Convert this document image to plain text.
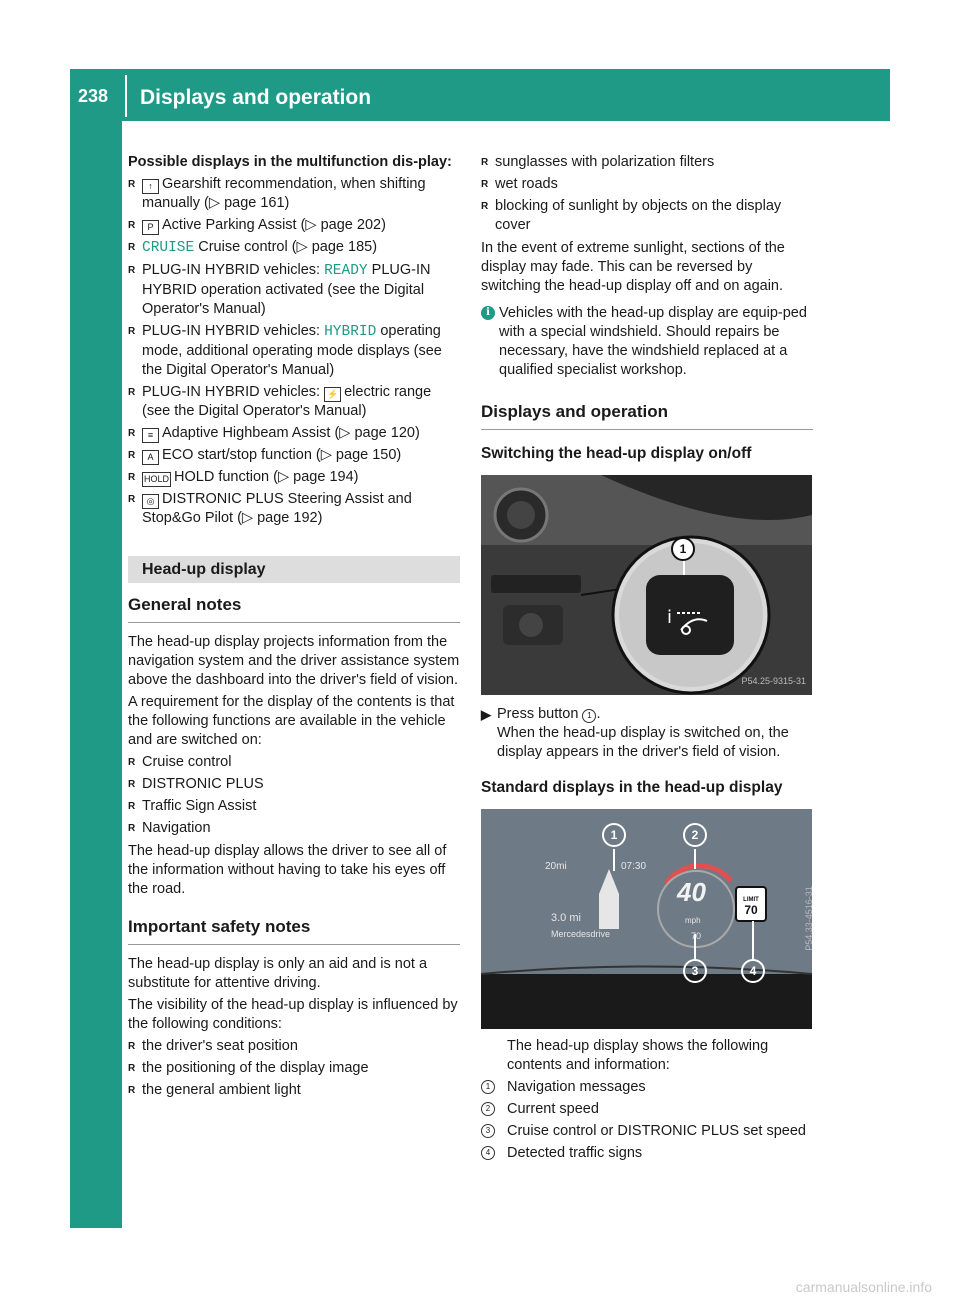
238 Displays and operation
On-board computer and displays
carmanualsonline.info

Possible displays in the multifunction dis-play:

R ↑ Gearshift recommendation, when shifting manually (▷ page 161)
R P Active Parking Assist (▷ page 202)
R CRUISE Cruise control (▷ page 185)
R PLUG-IN HYBRID vehicles: READY PLUG-IN HYBRID operation activated (see the Digital Operator's Manual)
R PLUG-IN HYBRID vehicles: HYBRID operating mode, additional operating mode displays (see the Digital Operator's Manual)
R PLUG-IN HYBRID vehicles: ⚡ electric range (see the Digital Operator's Manual)
R ≡ Adaptive Highbeam Assist (▷ page 120)
R A ECO start/stop function (▷ page 150)
R HOLD HOLD function (▷ page 194)
R ◎ DISTRONIC PLUS Steering Assist and Stop&Go Pilot (▷ page 192)
Head-up display
General notes

The head-up display projects information from the navigation system and the driver assistance system above the dashboard into the driver's field of vision.

A requirement for the display of the contents is that the following functions are available in the vehicle and are switched on:

R Cruise control
R DISTRONIC PLUS
R Traffic Sign Assist
R Navigation

The head-up display allows the driver to see all of the information without having to take his eyes off the road.

Important safety notes

The head-up display is only an aid and is not a substitute for attentive driving.

The visibility of the head-up display is influenced by the following conditions:

R the driver's seat position
R the positioning of the display image
R the general ambient light
R sunglasses with polarization filters
R wet roads
R blocking of sunlight by objects on the display cover

In the event of extreme sunlight, sections of the display may fade. This can be reversed by switching the head-up display off and on again.

i Vehicles with the head-up display are equip-ped with a special windshield. Should repairs be necessary, have the windshield replaced at a qualified specialist workshop.

Displays and operation
Switching the head-up display on/off
i
1
P54.25-9315-31

▶ Press button 1 .
When the head-up display is switched on, the display appears in the driver's field of vision.

Standard displays in the head-up display
20mi	07:30
3.0 mi
Mercedesdrive
40
mph
70
LIMIT
70
1	2
3	4
P54.33-4516-31

The head-up display shows the following contents and information:

1	Navigation messages
2	Current speed
3	Cruise control or DISTRONIC PLUS set speed
4	Detected traffic signs
